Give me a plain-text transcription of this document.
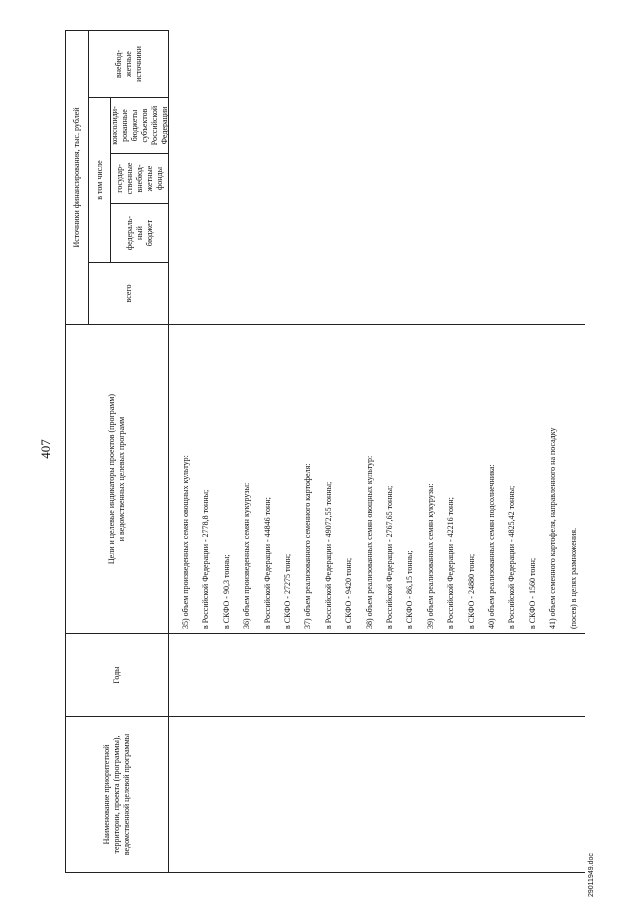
407
Наименование приоритетной
территории, проекта (программы),
ведомственной целевой программы
Годы
Цели и целевые индикаторы проектов (программ)
и ведомственных целевых программ
Источники финансирования, тыс. рублей
всего
в том числе
федераль-
ный
бюджет
государ-
ственные
внебюд-
жетные
фонды
консолиди-
рованные
бюджеты
субъектов
Российской
Федерации
внебюд-
жетные
источники
35) объем произведенных семян овощных культур: в Российской Федерации - 2778,8 тонны; в СКФО - 90,3 тонны; 36) объем произведенных семян кукурузы: в Российской Федерации - 44846 тонн; в СКФО - 27275 тонн; 37) объем реализованного семенного картофеля: в Российской Федерации - 49072,55 тонны; в СКФО - 9420 тонн; 38) объем реализованных семян овощных культур: в Российской Федерации - 2767,65 тонны; в СКФО - 86,15 тонны; 39) объем реализованных семян кукурузы: в Российской Федерации - 42216 тонн; в СКФО - 24880 тонн; 40) объем реализованных семян подсолнечника: в Российской Федерации - 4825,42 тонны; в СКФО - 1560 тонн; 41) объем семенного картофеля, направленного на посадку (посев) в целях размножения.
29011949.doc
